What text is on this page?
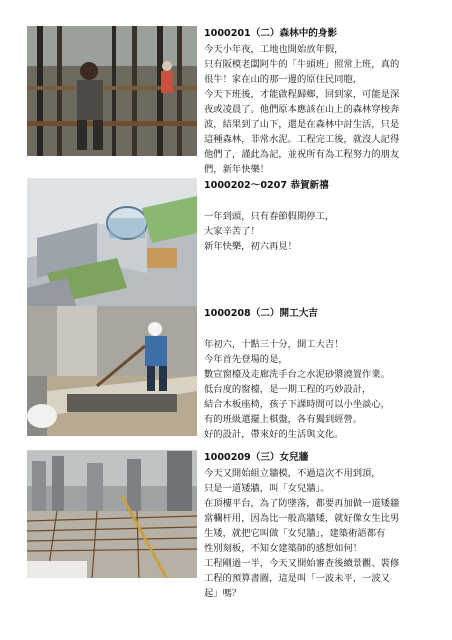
1000201（二）森林中的身影
今天小年夜，工地也開始放年假，
只有阪模老闆阿牛的「牛頭班」照常上班，真的
很牛！家在山的那一邊的原住民同胞，
今天下班後，才能啟程歸鄉，回到家，可能是深
夜或凌晨了。他們原本應該在山上的森林穿梭奔
波，結果到了山下，還是在森林中討生活，只是
這種森林，非常水泥。工程完工後，就沒人記得
他們了，謹此為記，並祝所有為工程努力的朋友
們，新年快樂！
1000202～0207 恭賀新禧
一年到頭，只有春節假期停工，
大家辛苦了！
新年快樂，初六再見！
1000208（二）開工大吉
年初六，十點三十分，開工大吉！
今年首先登場的是，
數宣窗檯及走廊洗手台之水泥砂漿澆置作業。
低台度的窗檯，是一期工程的巧妙設計，
結合木板座椅，孩子下課時間可以小坐談心，
有的班級還擺上棋盤，各有獨到經營。
好的設計，帶來好的生活與文化。
1000209（三）女兒牆
今天又開始組立牆模，不過這次不用到頂，
只是一道矮牆，叫「女兒牆」。
在頂樓平台，為了防墜落，都要再加做一道矮牆
當欄杆用，因為比一般高牆矮，就好像女生比男
生矮，就把它叫做「女兒牆」，建築術語都有
性別刻板，不知女建築師的感想如何！
工程剛過一半，今天又開始審查後續景觀、裝修
工程的預算書圖，這是叫「一波未平，一波又
起」嗎？
